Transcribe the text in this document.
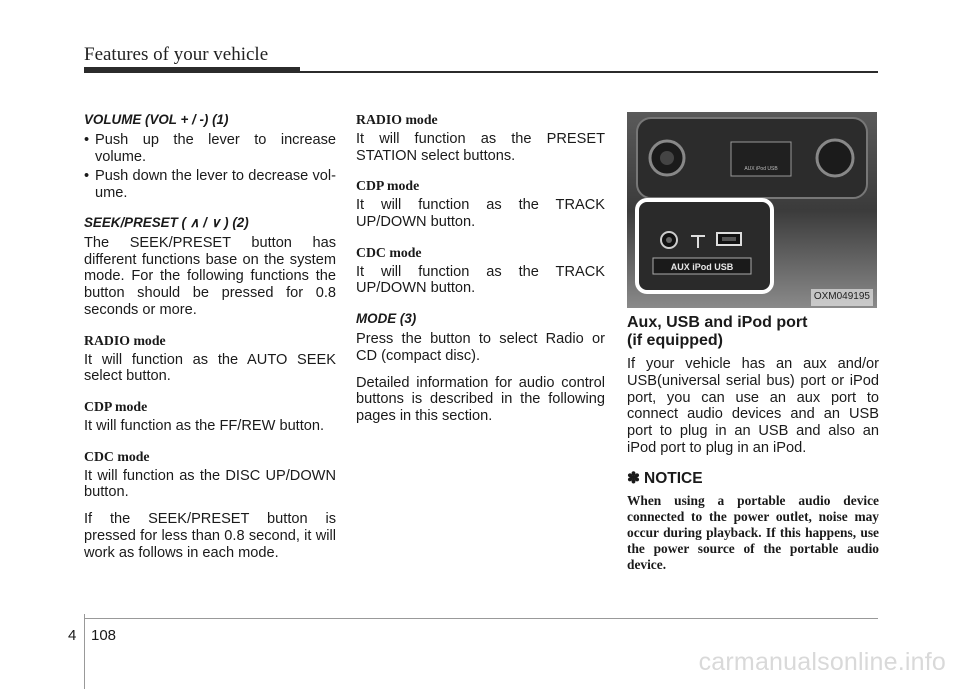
Features of your vehicle

VOLUME (VOL + / -) (1)

• Push up the lever to increase volume.
• Push down the lever to decrease vol-ume.

SEEK/PRESET ( ∧ / ∨ ) (2)

The SEEK/PRESET button has different functions base on the system mode. For the following functions the button should be pressed for 0.8 seconds or more.

RADIO mode

It will function as the AUTO SEEK select button.

CDP mode

It will function as the FF/REW button.

CDC mode

It will function as the DISC UP/DOWN button.

If the SEEK/PRESET button is pressed for less than 0.8 second, it will work as follows in each mode.

RADIO mode

It will function as the PRESET STATION select buttons.

CDP mode

It will function as the TRACK UP/DOWN button.

CDC mode

It will function as the TRACK UP/DOWN button.

MODE (3)

Press the button to select Radio or CD (compact disc).

Detailed information for audio control buttons is described in the following pages in this section.

AUX iPod USB
AUX iPod USB
OXM049195
Aux, USB and iPod port
(if equipped)

If your vehicle has an aux and/or USB(universal serial bus) port or iPod port, you can use an aux port to connect audio devices and an USB port to plug in an USB and also an iPod port to plug in an iPod.

✽ NOTICE

When using a portable audio device connected to the power outlet, noise may occur during playback. If this happens, use the power source of the portable audio device.

4 108
carmanualsonline.info
